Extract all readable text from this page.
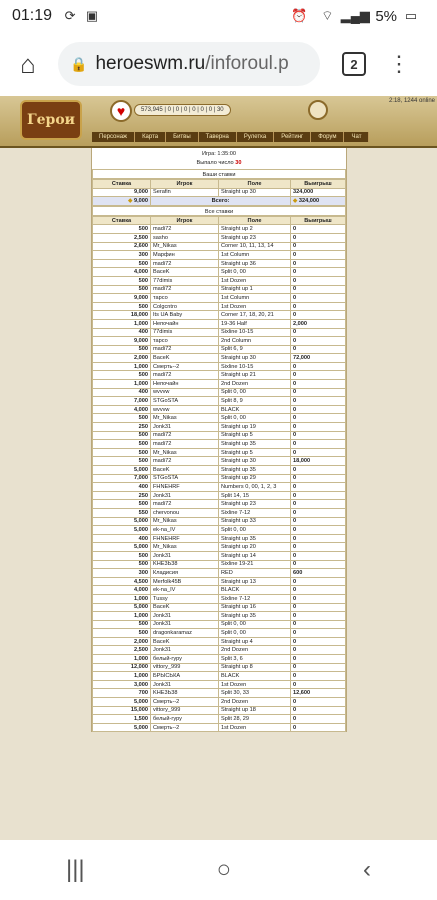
01:19 ⟳ ▣	⏰ ⌔ ▂▄▆ 5% ▭
⌂	🔒 heroeswm.ru /inforoul.p	2	⋮
Герои
♥	573,945 | 0 | 0 | 0 | 0 | 0 | 0 | 30
2:18, 1244 online
Персонаж	Карта	Битвы	Таверна	Рулетка	Рейтинг	Форум	Чат
Игра: 1:35:00
Выпало число 30
Ваши ставки
Ставка	Игрок	Поле	Выигрыш
9,000	Serafin	Straight up 30	324,000
◆ 9,000	Всего:		◆ 324,000
Все ставки
Ставка	Игрок	Поле	Выигрыш
500	madi72	Straight up 2	0
2,500	sasho	Straight up 23	0
2,600	Mr_Nikas	Corner 10, 11, 13, 14	0
300	Марфин	1st Column	0
500	madi72	Straight up 36	0
4,000	BaceK	Split 0, 00	0
500	77dimis	1st Dozen	0
500	madi72	Straight up 1	0
9,000	тарсо	1st Column	0
500	Colgcntro	1st Dozen	0
18,000	Its UA Baby	Corner 17, 18, 20, 21	0
1,000	Непочайн	19-36 Half	2,000
400	77dimis	Sixline 10-15	0
9,000	тарсо	2nd Column	0
500	madi72	Split 6, 9	0
2,000	BaceK	Straight up 30	72,000
1,000	Смерть--2	Sixline 10-15	0
500	madi72	Straight up 21	0
1,000	Непочайн	2nd Dozen	0
400	wvvvw	Split 0, 00	0
7,000	STGoSTA	Split 8, 9	0
4,000	wvvvw	BLACK	0
500	Mr_Nikas	Split 0, 00	0
250	Jonk31	Straight up 19	0
500	madi72	Straight up 5	0
500	madi72	Straight up 35	0
500	Mr_Nikas	Straight up 5	0
500	madi72	Straight up 30	18,000
5,000	BaceK	Straight up 35	0
7,000	STGoSTA	Straight up 29	0
400	FHNEHRF	Numbers 0, 00, 1, 2, 3	0
250	Jonk31	Split 14, 15	0
500	madi72	Straight up 23	0
550	chervonou	Sixline 7-12	0
5,000	Mr_Nikas	Straight up 33	0
5,000	ek-na_IV	Split 0, 00	0
400	FHNEHRF	Straight up 35	0
5,000	Mr_Nikas	Straight up 20	0
500	Jonk31	Straight up 14	0
500	KHE3Ь38	Sixline 19-21	0
300	Кладисия	RED	600
4,500	Merfolk45B	Straight up 13	0
4,000	ek-na_IV	BLACK	0
1,000	Tussy	Sixline 7-12	0
5,000	BaceK	Straight up 16	0
1,000	Jonk31	Straight up 35	0
500	Jonk31	Split 0, 00	0
500	dragonkaramaz	Split 0, 00	0
2,000	BaceK	Straight up 4	0
2,500	Jonk31	2nd Dozen	0
1,000	белый-гуру	Split 3, 6	0
12,000	vittory_999	Straight up 8	0
1,000	БРЫСЬКА	BLACK	0
3,000	Jonk31	1st Dozen	0
700	KHE3Ь38	Split 30, 33	12,600
5,000	Смерть--2	2nd Dozen	0
15,000	vittory_999	Straight up 18	0
1,500	белый-гуру	Split 28, 29	0
5,000	Смерть--2	1st Dozen	0
|||	○	‹
